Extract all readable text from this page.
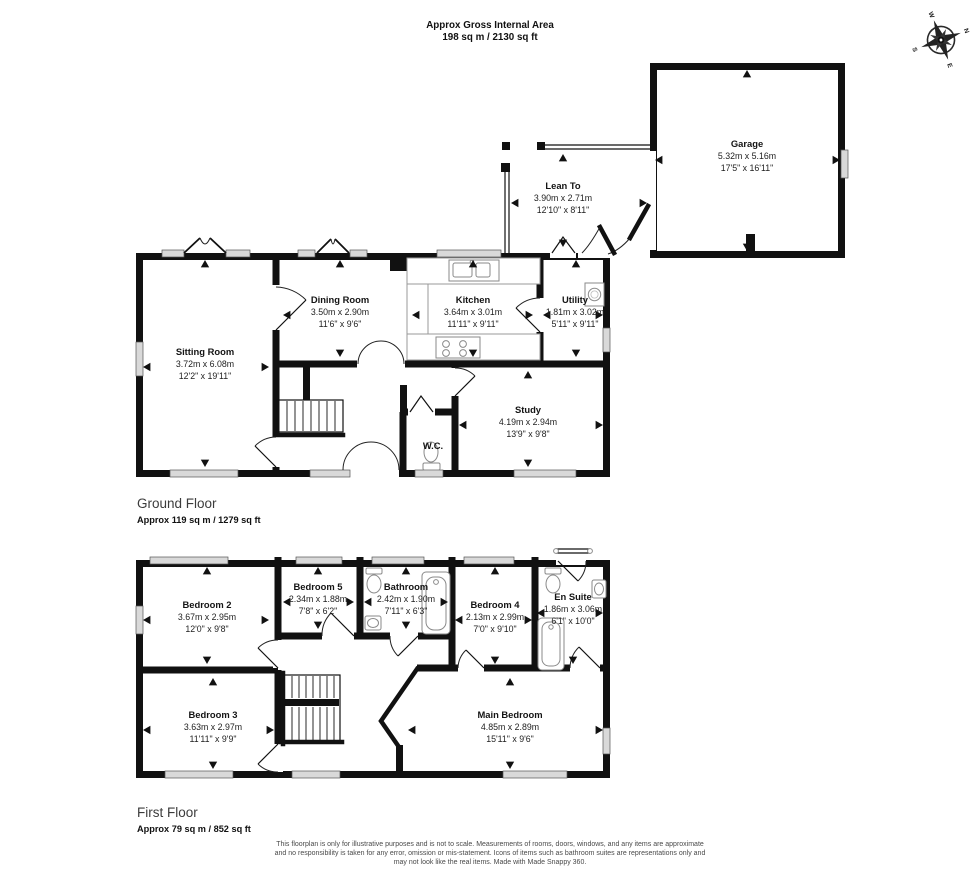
Approx Gross Internal Area
198 sq m / 2130 sq ft
N
E
S
W
Garage
5.32m x 5.16m
17'5" x 16'11"
Lean To
3.90m x 2.71m
12'10" x 8'11"
Sitting Room
3.72m x 6.08m
12'2" x 19'11"
Dining Room
3.50m x 2.90m
11'6" x 9'6"
Kitchen
3.64m x 3.01m
11'11" x 9'11"
Utility
1.81m x 3.02m
5'11" x 9'11"
Study
4.19m x 2.94m
13'9" x 9'8"
W.C.
Ground Floor
Approx 119 sq m / 1279 sq ft
Bedroom 2
3.67m x 2.95m
12'0" x 9'8"
Bedroom 5
2.34m x 1.88m
7'8" x 6'2"
Bathroom
2.42m x 1.90m
7'11" x 6'3"
Bedroom 4
2.13m x 2.99m
7'0" x 9'10"
En Suite
1.86m x 3.06m
6'1" x 10'0"
Bedroom 3
3.63m x 2.97m
11'11" x 9'9"
Main Bedroom
4.85m x 2.89m
15'11" x 9'6"
First Floor
Approx 79 sq m / 852 sq ft
This floorplan is only for illustrative purposes and is not to scale. Measurements of rooms, doors, windows, and any items are approximate
and no responsibility is taken for any error, omission or mis-statement. Icons of items such as bathroom suites are representations only and
may not look like the real items. Made with Made Snappy 360.
